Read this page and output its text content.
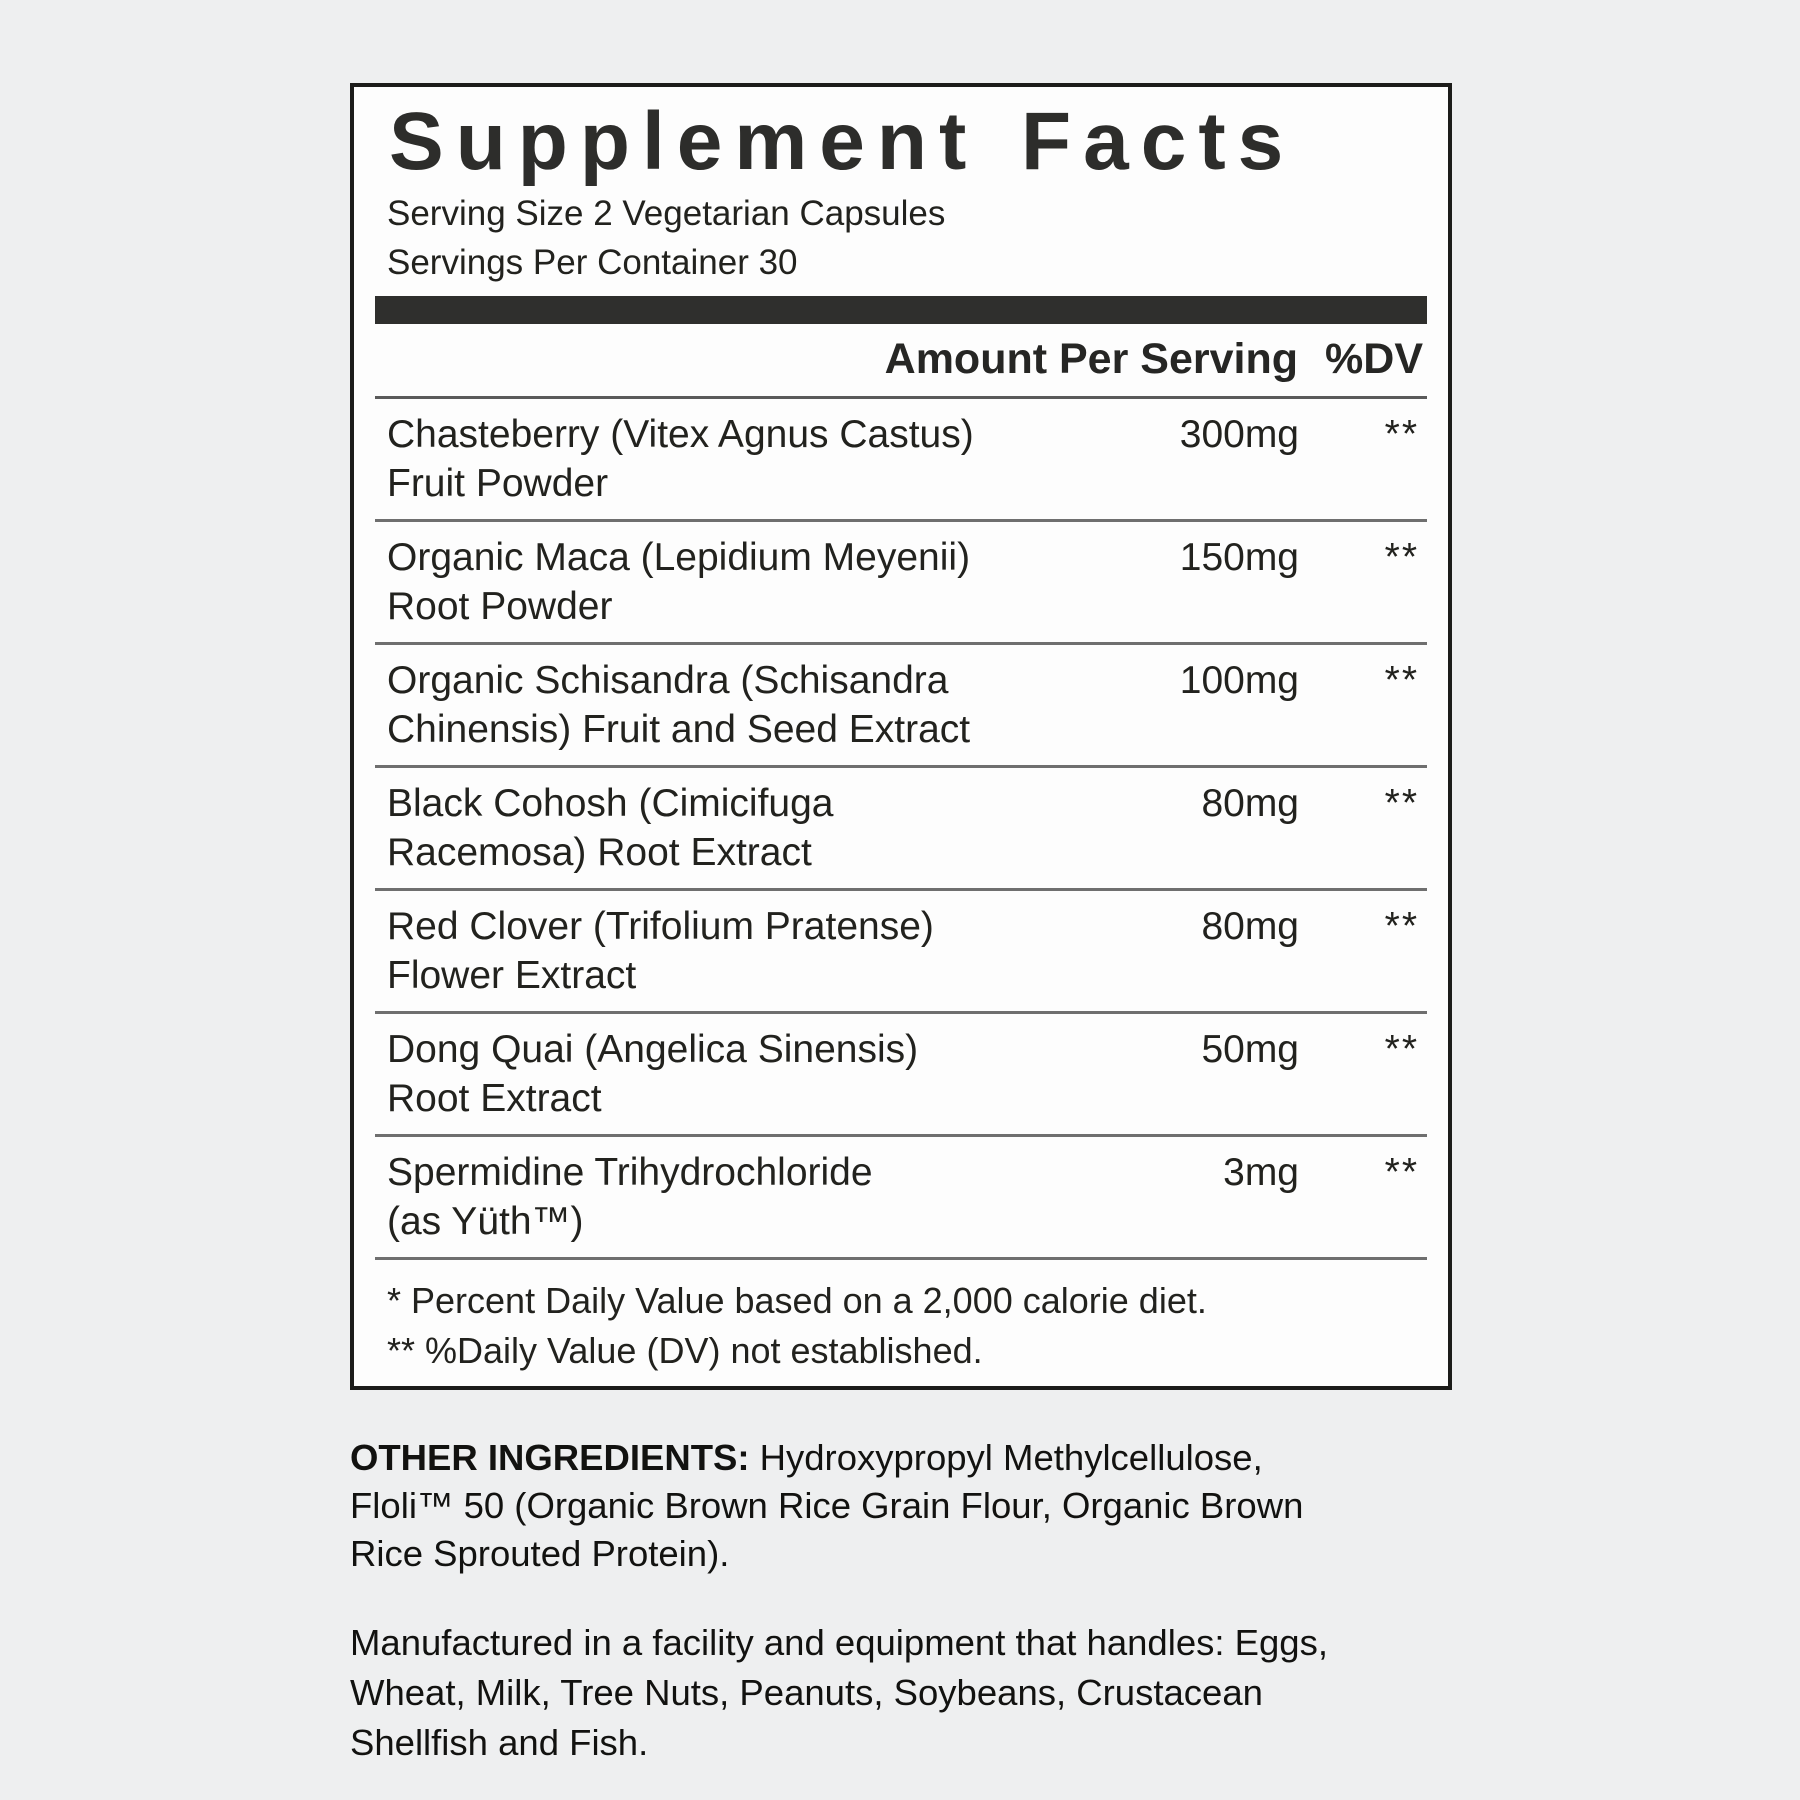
Supplement Facts
Serving Size 2 Vegetarian Capsules
Servings Per Container 30
Amount Per Serving %DV
Chasteberry (Vitex Agnus Castus)
Fruit Powder
300mg	**
Organic Maca (Lepidium Meyenii)
Root Powder
150mg	**
Organic Schisandra (Schisandra
Chinensis) Fruit and Seed Extract
100mg	**
Black Cohosh (Cimicifuga
Racemosa) Root Extract
80mg	**
Red Clover (Trifolium Pratense)
Flower Extract
80mg	**
Dong Quai (Angelica Sinensis)
Root Extract
50mg	**
Spermidine Trihydrochloride
(as Yüth™)
3mg	**
* Percent Daily Value based on a 2,000 calorie diet.
** %Daily Value (DV) not established.

OTHER INGREDIENTS: Hydroxypropyl Methylcellulose,
Floli™ 50 (Organic Brown Rice Grain Flour, Organic Brown
Rice Sprouted Protein).

Manufactured in a facility and equipment that handles: Eggs,
Wheat, Milk, Tree Nuts, Peanuts, Soybeans, Crustacean
Shellfish and Fish.
